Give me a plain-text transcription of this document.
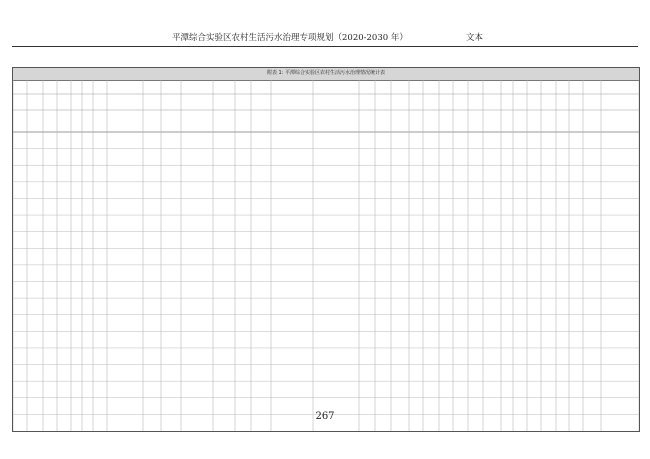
平潭综合实验区农村生活污水治理专项规划（2020-2030 年）	文本
附表 1: 平潭综合实验区农村生活污水治理情况统计表
267
